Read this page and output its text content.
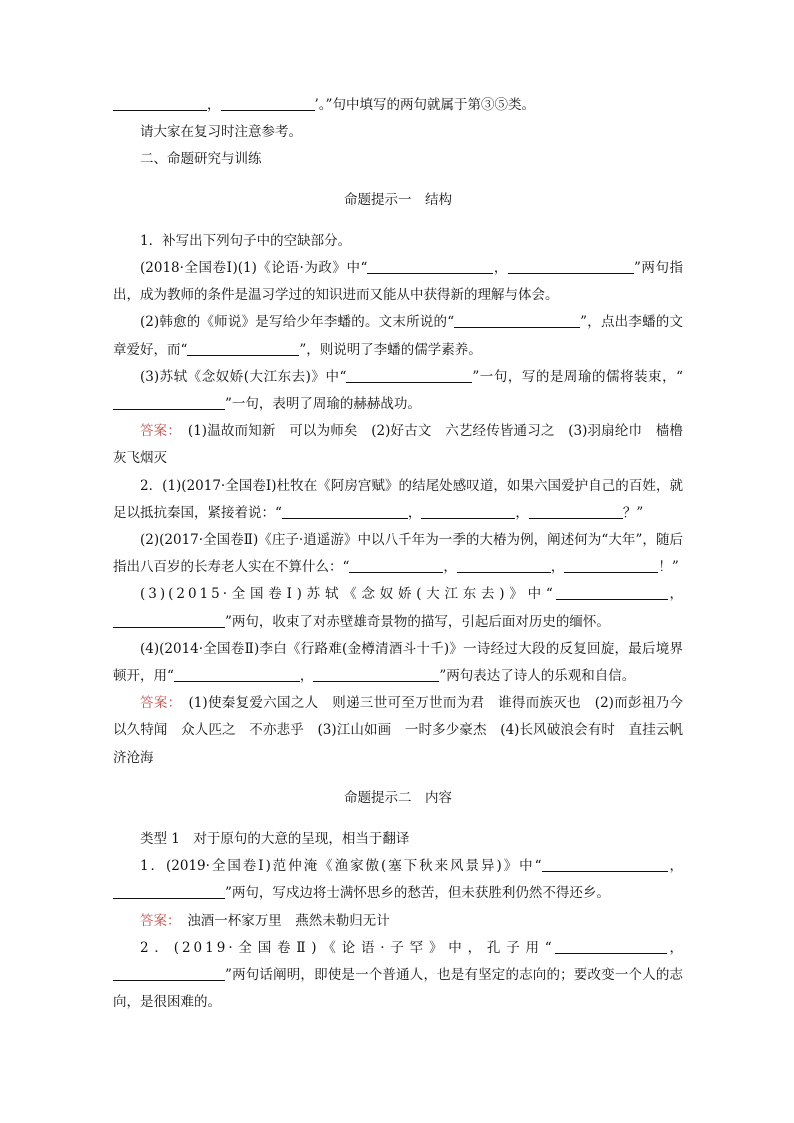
，	’。”句中填写的两句就属于第③⑤类。

请大家在复习时注意参考。

二、命题研究与训练

命题提示一　结构

1．补写出下列句子中的空缺部分。

(2018·全国卷Ⅰ)(1)《论语·为政》中“	，	”两句指出，成为教师的条件是温习学过的知识进而又能从中获得新的理解与体会。

(2)韩愈的《师说》是写给少年李蟠的。文末所说的“	”，点出李蟠的文章爱好，而“	”，则说明了李蟠的儒学素养。

(3)苏轼《念奴娇(大江东去)》中“	”一句，写的是周瑜的儒将装束，“”一句，表明了周瑜的赫赫战功。

答案：　(1)温故而知新　可以为师矣　(2)好古文　六艺经传皆通习之　(3)羽扇纶巾　樯橹灰飞烟灭

2．(1)(2017·全国卷Ⅰ)杜牧在《阿房宫赋》的结尾处感叹道，如果六国爱护自己的百姓，就足以抵抗秦国，紧接着说：“	，	，	？”

(2)(2017·全国卷Ⅱ)《庄子·逍遥游》中以八千年为一季的大椿为例，阐述何为“大年”，随后指出八百岁的长寿老人实在不算什么：“	，	，	！”

(3)(2015·全国卷Ⅰ)苏轼《念奴娇(大江东去)》中“	，”两句，收束了对赤壁雄奇景物的描写，引起后面对历史的缅怀。

(4)(2014·全国卷Ⅱ)李白《行路难(金樽清酒斗十千)》一诗经过大段的反复回旋，最后境界顿开，用“	，	”两句表达了诗人的乐观和自信。

答案：　(1)使秦复爱六国之人　则递三世可至万世而为君　谁得而族灭也　(2)而彭祖乃今以久特闻　众人匹之　不亦悲乎　(3)江山如画　一时多少豪杰　(4)长风破浪会有时　直挂云帆济沧海

命题提示二　内容

类型 1　对于原句的大意的呈现，相当于翻译

1．(2019·全国卷Ⅰ)范仲淹《渔家傲(塞下秋来风景异)》中“	，”两句，写戍边将士满怀思乡的愁苦，但未获胜利仍然不得还乡。

答案：　浊酒一杯家万里　燕然未勒归无计

2．(2019·全国卷Ⅱ)《论语·子罕》中，孔子用“	，”两句话阐明，即使是一个普通人，也是有坚定的志向的；要改变一个人的志向，是很困难的。
